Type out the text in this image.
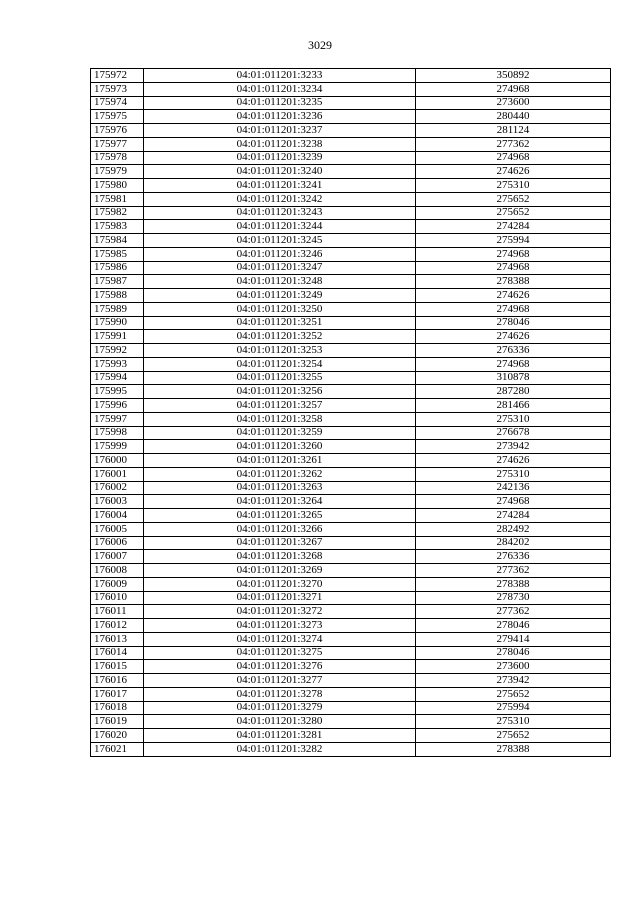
3029
175972	04:01:011201:3233	350892
175973	04:01:011201:3234	274968
175974	04:01:011201:3235	273600
175975	04:01:011201:3236	280440
175976	04:01:011201:3237	281124
175977	04:01:011201:3238	277362
175978	04:01:011201:3239	274968
175979	04:01:011201:3240	274626
175980	04:01:011201:3241	275310
175981	04:01:011201:3242	275652
175982	04:01:011201:3243	275652
175983	04:01:011201:3244	274284
175984	04:01:011201:3245	275994
175985	04:01:011201:3246	274968
175986	04:01:011201:3247	274968
175987	04:01:011201:3248	278388
175988	04:01:011201:3249	274626
175989	04:01:011201:3250	274968
175990	04:01:011201:3251	278046
175991	04:01:011201:3252	274626
175992	04:01:011201:3253	276336
175993	04:01:011201:3254	274968
175994	04:01:011201:3255	310878
175995	04:01:011201:3256	287280
175996	04:01:011201:3257	281466
175997	04:01:011201:3258	275310
175998	04:01:011201:3259	276678
175999	04:01:011201:3260	273942
176000	04:01:011201:3261	274626
176001	04:01:011201:3262	275310
176002	04:01:011201:3263	242136
176003	04:01:011201:3264	274968
176004	04:01:011201:3265	274284
176005	04:01:011201:3266	282492
176006	04:01:011201:3267	284202
176007	04:01:011201:3268	276336
176008	04:01:011201:3269	277362
176009	04:01:011201:3270	278388
176010	04:01:011201:3271	278730
176011	04:01:011201:3272	277362
176012	04:01:011201:3273	278046
176013	04:01:011201:3274	279414
176014	04:01:011201:3275	278046
176015	04:01:011201:3276	273600
176016	04:01:011201:3277	273942
176017	04:01:011201:3278	275652
176018	04:01:011201:3279	275994
176019	04:01:011201:3280	275310
176020	04:01:011201:3281	275652
176021	04:01:011201:3282	278388
